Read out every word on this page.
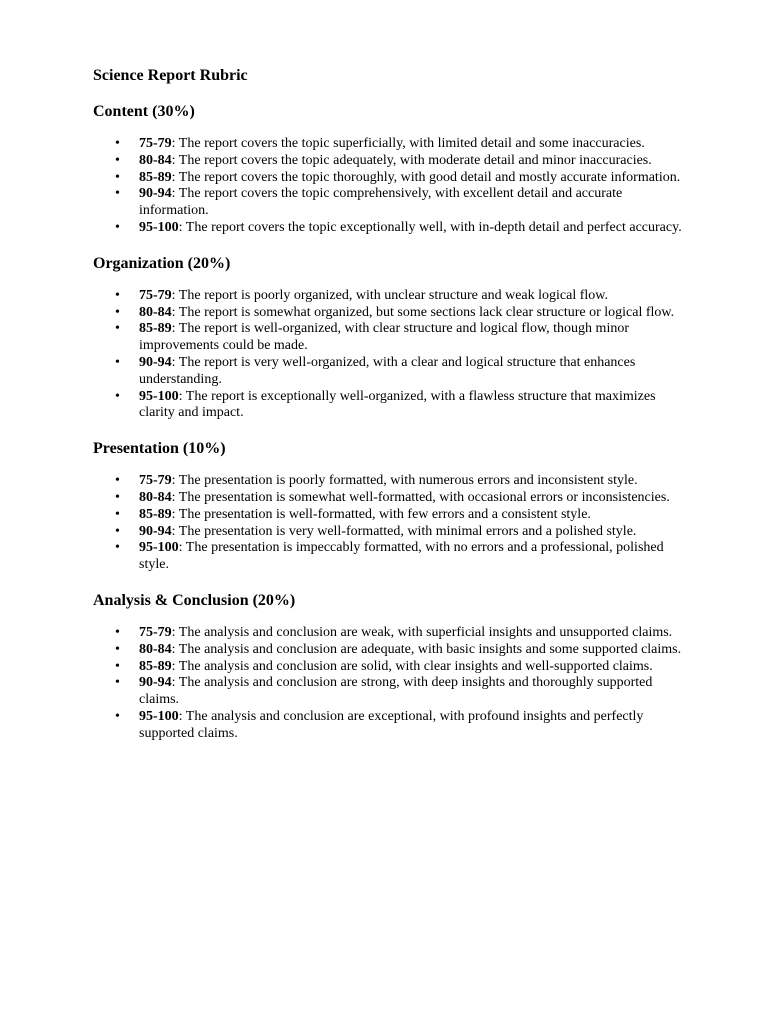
Science Report Rubric
Content (30%)
• 75-79: The report covers the topic superficially, with limited detail and some inaccuracies.
• 80-84: The report covers the topic adequately, with moderate detail and minor inaccuracies.
• 85-89: The report covers the topic thoroughly, with good detail and mostly accurate information.
• 90-94: The report covers the topic comprehensively, with excellent detail and accurate information.
• 95-100: The report covers the topic exceptionally well, with in-depth detail and perfect accuracy.
Organization (20%)
• 75-79: The report is poorly organized, with unclear structure and weak logical flow.
• 80-84: The report is somewhat organized, but some sections lack clear structure or logical flow.
• 85-89: The report is well-organized, with clear structure and logical flow, though minor improvements could be made.
• 90-94: The report is very well-organized, with a clear and logical structure that enhances understanding.
• 95-100: The report is exceptionally well-organized, with a flawless structure that maximizes clarity and impact.
Presentation (10%)
• 75-79: The presentation is poorly formatted, with numerous errors and inconsistent style.
• 80-84: The presentation is somewhat well-formatted, with occasional errors or inconsistencies.
• 85-89: The presentation is well-formatted, with few errors and a consistent style.
• 90-94: The presentation is very well-formatted, with minimal errors and a polished style.
• 95-100: The presentation is impeccably formatted, with no errors and a professional, polished style.
Analysis & Conclusion (20%)
• 75-79: The analysis and conclusion are weak, with superficial insights and unsupported claims.
• 80-84: The analysis and conclusion are adequate, with basic insights and some supported claims.
• 85-89: The analysis and conclusion are solid, with clear insights and well-supported claims.
• 90-94: The analysis and conclusion are strong, with deep insights and thoroughly supported claims.
• 95-100: The analysis and conclusion are exceptional, with profound insights and perfectly supported claims.
